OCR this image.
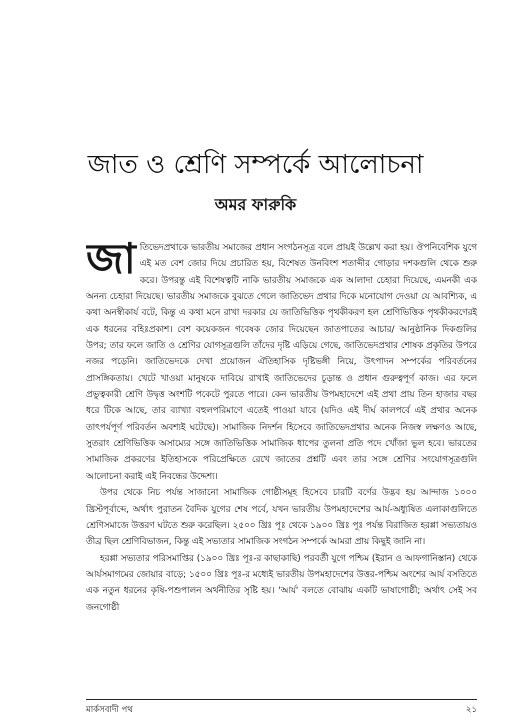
জাত ও শ্রেণি সম্পর্কে আলোচনা
অমর ফারুকি

জাতিভেদপ্রথাকে ভারতীয় সমাজের প্রধান সংগঠনসূত্র বলে প্রায়ই উল্লেখ করা হয়। ঔপনিবেশিক যুগে এই মত বেশ জোর দিয়ে প্রচারিত হয়, বিশেষত উনবিংশ শতাব্দীর গোড়ার দশকগুলি থেকে শুরু করে। উপরন্তু এই বিশেষত্বটি নাকি ভারতীয় সমাজকে এক আলাদা চেহারা দিয়েছে, এমনকী এক অনন্য চেহারা দিয়েছে। ভারতীয় সমাজকে বুঝতে গেলে জাতিভেদ প্রথার দিকে মনোযোগ দেওয়া যে আবশ্যিক, এ কথা অনস্বীকার্য বটে, কিন্তু এ কথা মনে রাখা দরকার যে জাতিভিত্তিক পৃথকীকরণ হল শ্রেণিভিত্তিক পৃথকীকরণেরই এক ধরনের বহিঃপ্রকাশ। বেশ কয়েকজন গবেষক জোর দিয়েছেন জাতপাতের আচার/ আনুষ্ঠানিক দিকগুলির উপর; তার ফলে জাতি ও শ্রেণির যোগসূত্রগুলি তাঁদের দৃষ্টি এড়িয়ে গেছে, জাতিভেদপ্রথার শোষক প্রকৃতির উপরে নজর পড়েনি। জাতিভেদকে দেখা প্রয়োজন ঐতিহাসিক দৃষ্টিভঙ্গী নিয়ে, উৎপাদন সম্পর্কের পরিবর্তনের প্রাসঙ্গিকতায়। খেটে খাওয়া মানুষকে দাবিয়ে রাখাই জাতিভেদের চূড়ান্ত ও প্রধান গুরুত্বপূর্ণ কাজ। এর ফলে প্রভুত্বকারী শ্রেণি উদ্বৃত্ত অংশটি পকেটে পুরতে পারে। কেন ভারতীয় উপমহাদেশে এই প্রথা প্রায় তিন হাজার বছর ধরে টিকে আছে, তার ব্যাখ্যা বহুলপরিমাণে এতেই পাওয়া যাবে (যদিও এই দীর্ঘ কালপর্বে এই প্রথার অনেক তাৎপর্যপূর্ণ পরিবর্তন অবশ্যই ঘটেছে)। সামাজিক নিদর্শন হিসেবে জাতিভেদপ্রথার অনেক নিজস্ব লক্ষণও আছে, সুতরাং শ্রেণিভিত্তিক অসাম্যের সঙ্গে জাতিভিত্তিক সামাজিক ধাপের তুলনা প্রতি পদে খোঁজা ভুল হবে। ভারতের সামাজিক প্রকরণের ইতিহাসকে পরিপ্রেক্ষিতে রেখে জাতের প্রশ্নটি এবং তার সঙ্গে শ্রেণির সংযোগসূত্রগুলি আলোচনা করাই এই নিবন্ধের উদ্দেশ্য।

উপর থেকে নিচ পর্যন্ত সাজানো সামাজিক গোষ্ঠীসমূহ হিসেবে চারটি বর্ণের উদ্ভব হয় আন্দাজ ১০০০ খ্রিস্টপূর্বাব্দে, অর্থাৎ পুরাতন বৈদিক যুগের শেষ পর্বে, যখন ভারতীয় উপমহাদেশের আর্য-অধ্যুষিত এলাকাগুলিতে শ্রেণিসমাজে উত্তরণ ঘটতে শুরু করেছিল। ২৫০০ খ্রিঃ পূঃ থেকে ১৯০০ খ্রিঃ পূঃ পর্যন্ত বিরাজিত হরপ্পা সভ্যতায়ও তীব্র ছিল শ্রেণিবিভাজন, কিন্তু এই সভ্যতার সামাজিক সংগঠন সম্পর্কে আমরা প্রায় কিছুই জানি না।

হরপ্পা সভ্যতার পরিসমাপ্তির (১৯০০ খ্রিঃ পূঃ-র কাছাকাছি) পরবর্তী যুগে পশ্চিম (ইরান ও আফগানিস্তান) থেকে আর্যসমাগমের জোয়ার বাড়ে; ১৫০০ খ্রিঃ পূঃ-র মধ্যেই ভারতীয় উপমহাদেশের উত্তর-পশ্চিম অংশের আর্য বসতিতে এক নতুন ধরনের কৃষি-পশুপালন অর্থনীতির সৃষ্টি হয়। 'আর্য' বলতে বোঝায় একটি ভাষাগোষ্ঠী; অর্থাৎ সেই সব জনগোষ্ঠী

মার্কসবাদী পথ	২১
